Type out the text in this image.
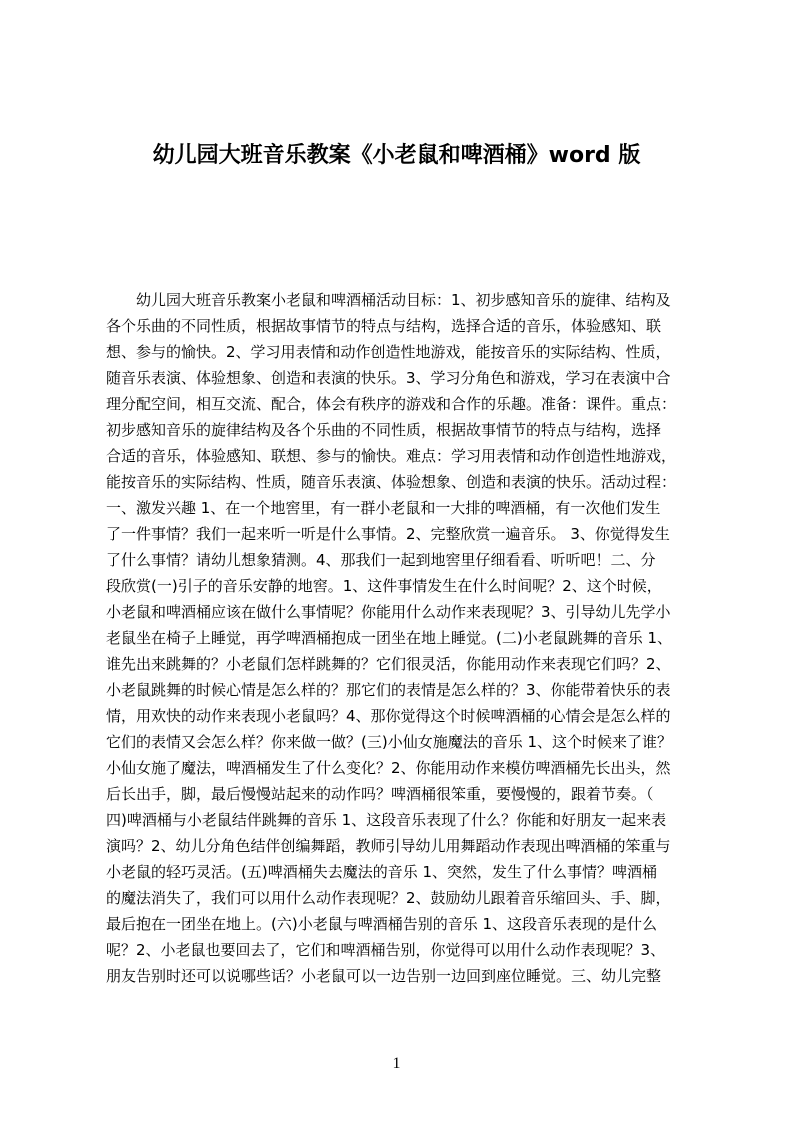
幼儿园大班音乐教案《小老鼠和啤酒桶》word 版
　　幼儿园大班音乐教案小老鼠和啤酒桶活动目标：1、初步感知音乐的旋律、结构及
各个乐曲的不同性质，根据故事情节的特点与结构，选择合适的音乐，体验感知、联
想、参与的愉快。2、学习用表情和动作创造性地游戏，能按音乐的实际结构、性质，
随音乐表演、体验想象、创造和表演的快乐。3、学习分角色和游戏，学习在表演中合
理分配空间，相互交流、配合，体会有秩序的游戏和合作的乐趣。准备：课件。重点：
初步感知音乐的旋律结构及各个乐曲的不同性质，根据故事情节的特点与结构，选择
合适的音乐，体验感知、联想、参与的愉快。难点：学习用表情和动作创造性地游戏，
能按音乐的实际结构、性质，随音乐表演、体验想象、创造和表演的快乐。活动过程：
一、激发兴趣 1、在一个地窖里，有一群小老鼠和一大排的啤酒桶，有一次他们发生
了一件事情？我们一起来听一听是什么事情。2、完整欣赏一遍音乐。 3、你觉得发生
了什么事情？请幼儿想象猜测。4、那我们一起到地窖里仔细看看、听听吧！二、分
段欣赏(一)引子的音乐安静的地窖。1、这件事情发生在什么时间呢？2、这个时候，
小老鼠和啤酒桶应该在做什么事情呢？你能用什么动作来表现呢？3、引导幼儿先学小
老鼠坐在椅子上睡觉，再学啤酒桶抱成一团坐在地上睡觉。(二)小老鼠跳舞的音乐 1、
谁先出来跳舞的？小老鼠们怎样跳舞的？它们很灵活，你能用动作来表现它们吗？2、
小老鼠跳舞的时候心情是怎么样的？那它们的表情是怎么样的？3、你能带着快乐的表
情，用欢快的动作来表现小老鼠吗？4、那你觉得这个时候啤酒桶的心情会是怎么样的
它们的表情又会怎么样？你来做一做？(三)小仙女施魔法的音乐 1、这个时候来了谁？
小仙女施了魔法，啤酒桶发生了什么变化？2、你能用动作来模仿啤酒桶先长出头，然
后长出手，脚，最后慢慢站起来的动作吗？啤酒桶很笨重，要慢慢的，跟着节奏。（
四)啤酒桶与小老鼠结伴跳舞的音乐 1、这段音乐表现了什么？你能和好朋友一起来表
演吗？2、幼儿分角色结伴创编舞蹈，教师引导幼儿用舞蹈动作表现出啤酒桶的笨重与
小老鼠的轻巧灵活。(五)啤酒桶失去魔法的音乐 1、突然，发生了什么事情？啤酒桶
的魔法消失了，我们可以用什么动作表现呢？2、鼓励幼儿跟着音乐缩回头、手、脚，
最后抱在一团坐在地上。(六)小老鼠与啤酒桶告别的音乐 1、这段音乐表现的是什么
呢？2、小老鼠也要回去了，它们和啤酒桶告别，你觉得可以用什么动作表现呢？3、
朋友告别时还可以说哪些话？小老鼠可以一边告别一边回到座位睡觉。三、幼儿完整
1
